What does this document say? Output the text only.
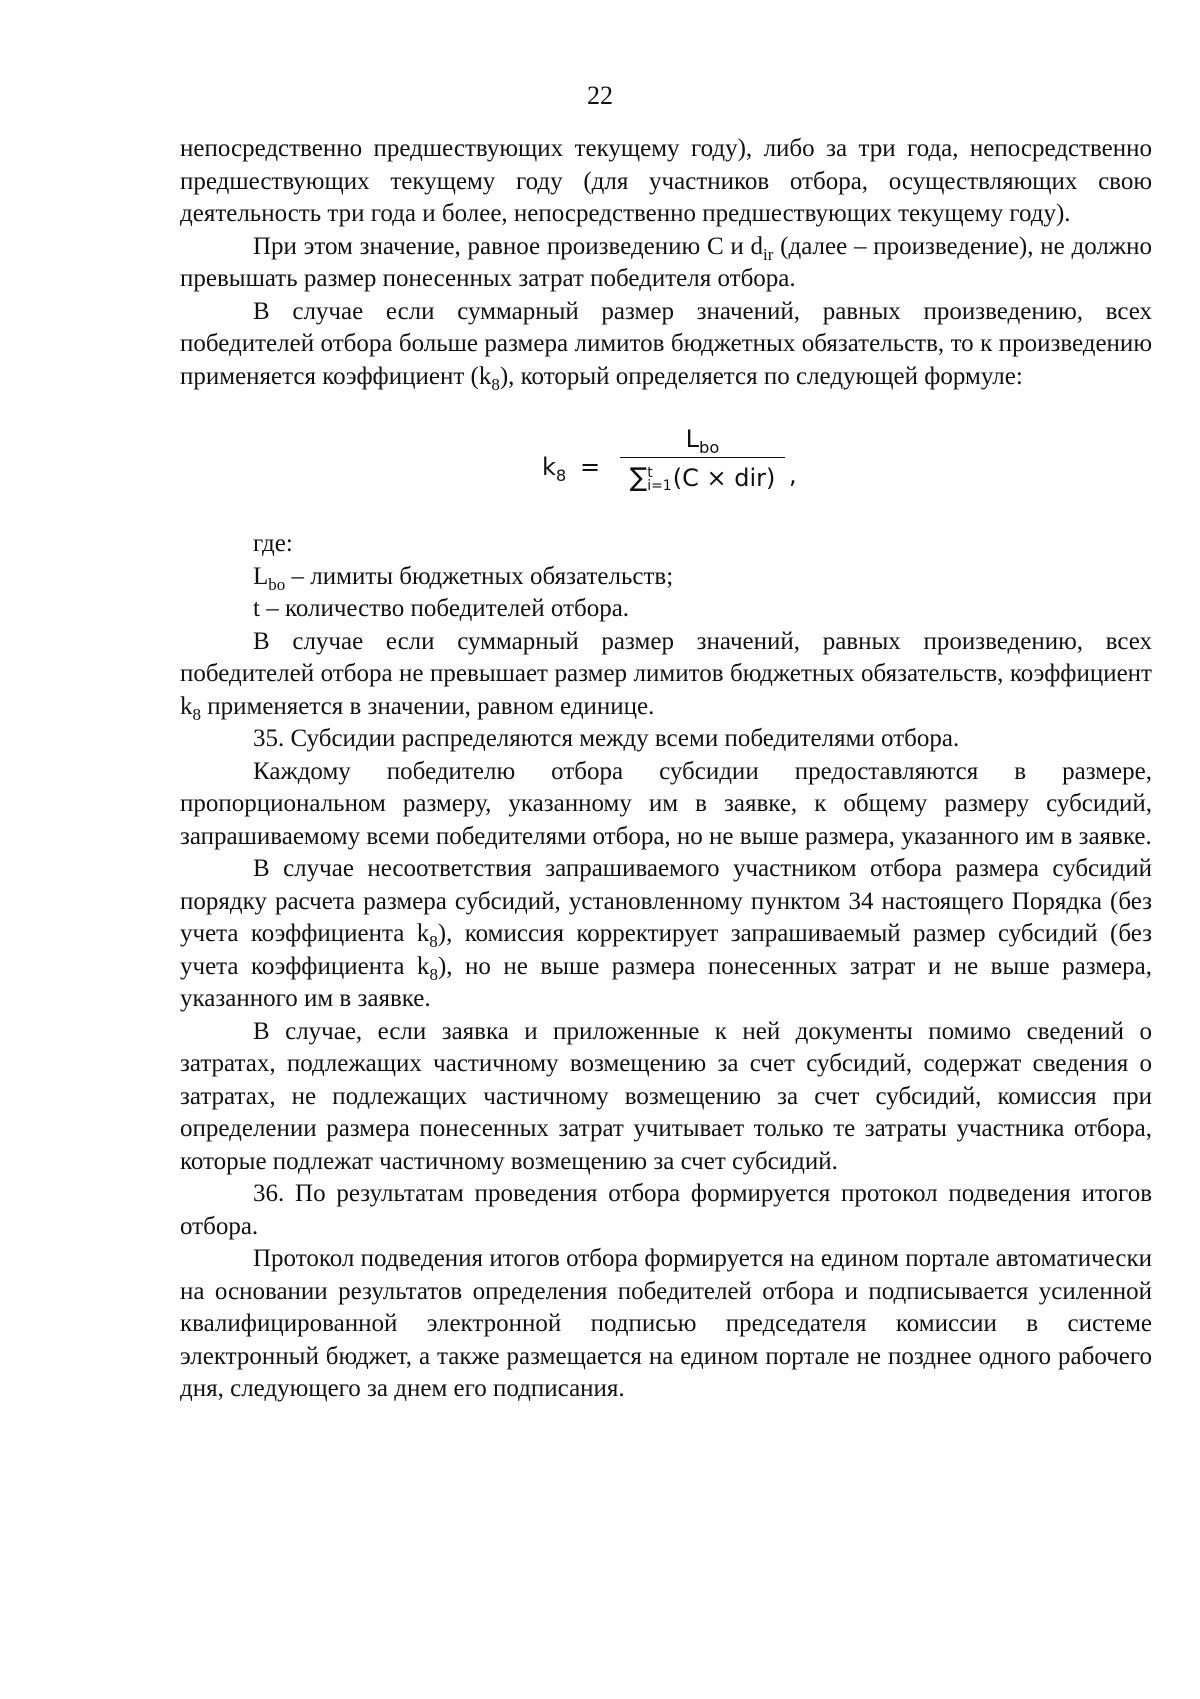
22

непосредственно предшествующих текущему году), либо за три года, непосредственно предшествующих текущему году (для участников отбора, осуществляющих свою деятельность три года и более, непосредственно предшествующих текущему году).

При этом значение, равное произведению С и $d_{ir}$ (далее – произведение), не должно превышать размер понесенных затрат победителя отбора.

В случае если суммарный размер значений, равных произведению, всех победителей отбора больше размера лимитов бюджетных обязательств, то к произведению применяется коэффициент $(k_8)$, который определяется по следующей формуле:

$k_8$ =
$L_{bo}$
∑ t
i=1 (C × dir) ,

где:

$L_{bo}$ – лимиты бюджетных обязательств;

t – количество победителей отбора.

В случае если суммарный размер значений, равных произведению, всех победителей отбора не превышает размер лимитов бюджетных обязательств, коэффициент $k_8$ применяется в значении, равном единице.

35. Субсидии распределяются между всеми победителями отбора.

Каждому победителю отбора субсидии предоставляются в размере, пропорциональном размеру, указанному им в заявке, к общему размеру субсидий, запрашиваемому всеми победителями отбора, но не выше размера, указанного им в заявке.

В случае несоответствия запрашиваемого участником отбора размера субсидий порядку расчета размера субсидий, установленному пунктом 34 настоящего Порядка (без учета коэффициента $k_8$), комиссия корректирует запрашиваемый размер субсидий (без учета коэффициента $k_8$), но не выше размера понесенных затрат и не выше размера, указанного им в заявке.

В случае, если заявка и приложенные к ней документы помимо сведений о затратах, подлежащих частичному возмещению за счет субсидий, содержат сведения о затратах, не подлежащих частичному возмещению за счет субсидий, комиссия при определении размера понесенных затрат учитывает только те затраты участника отбора, которые подлежат частичному возмещению за счет субсидий.

36. По результатам проведения отбора формируется протокол подведения итогов отбора.

Протокол подведения итогов отбора формируется на едином портале автоматически на основании результатов определения победителей отбора и подписывается усиленной квалифицированной электронной подписью председателя комиссии в системе электронный бюджет, а также размещается на едином портале не позднее одного рабочего дня, следующего за днем его подписания.
